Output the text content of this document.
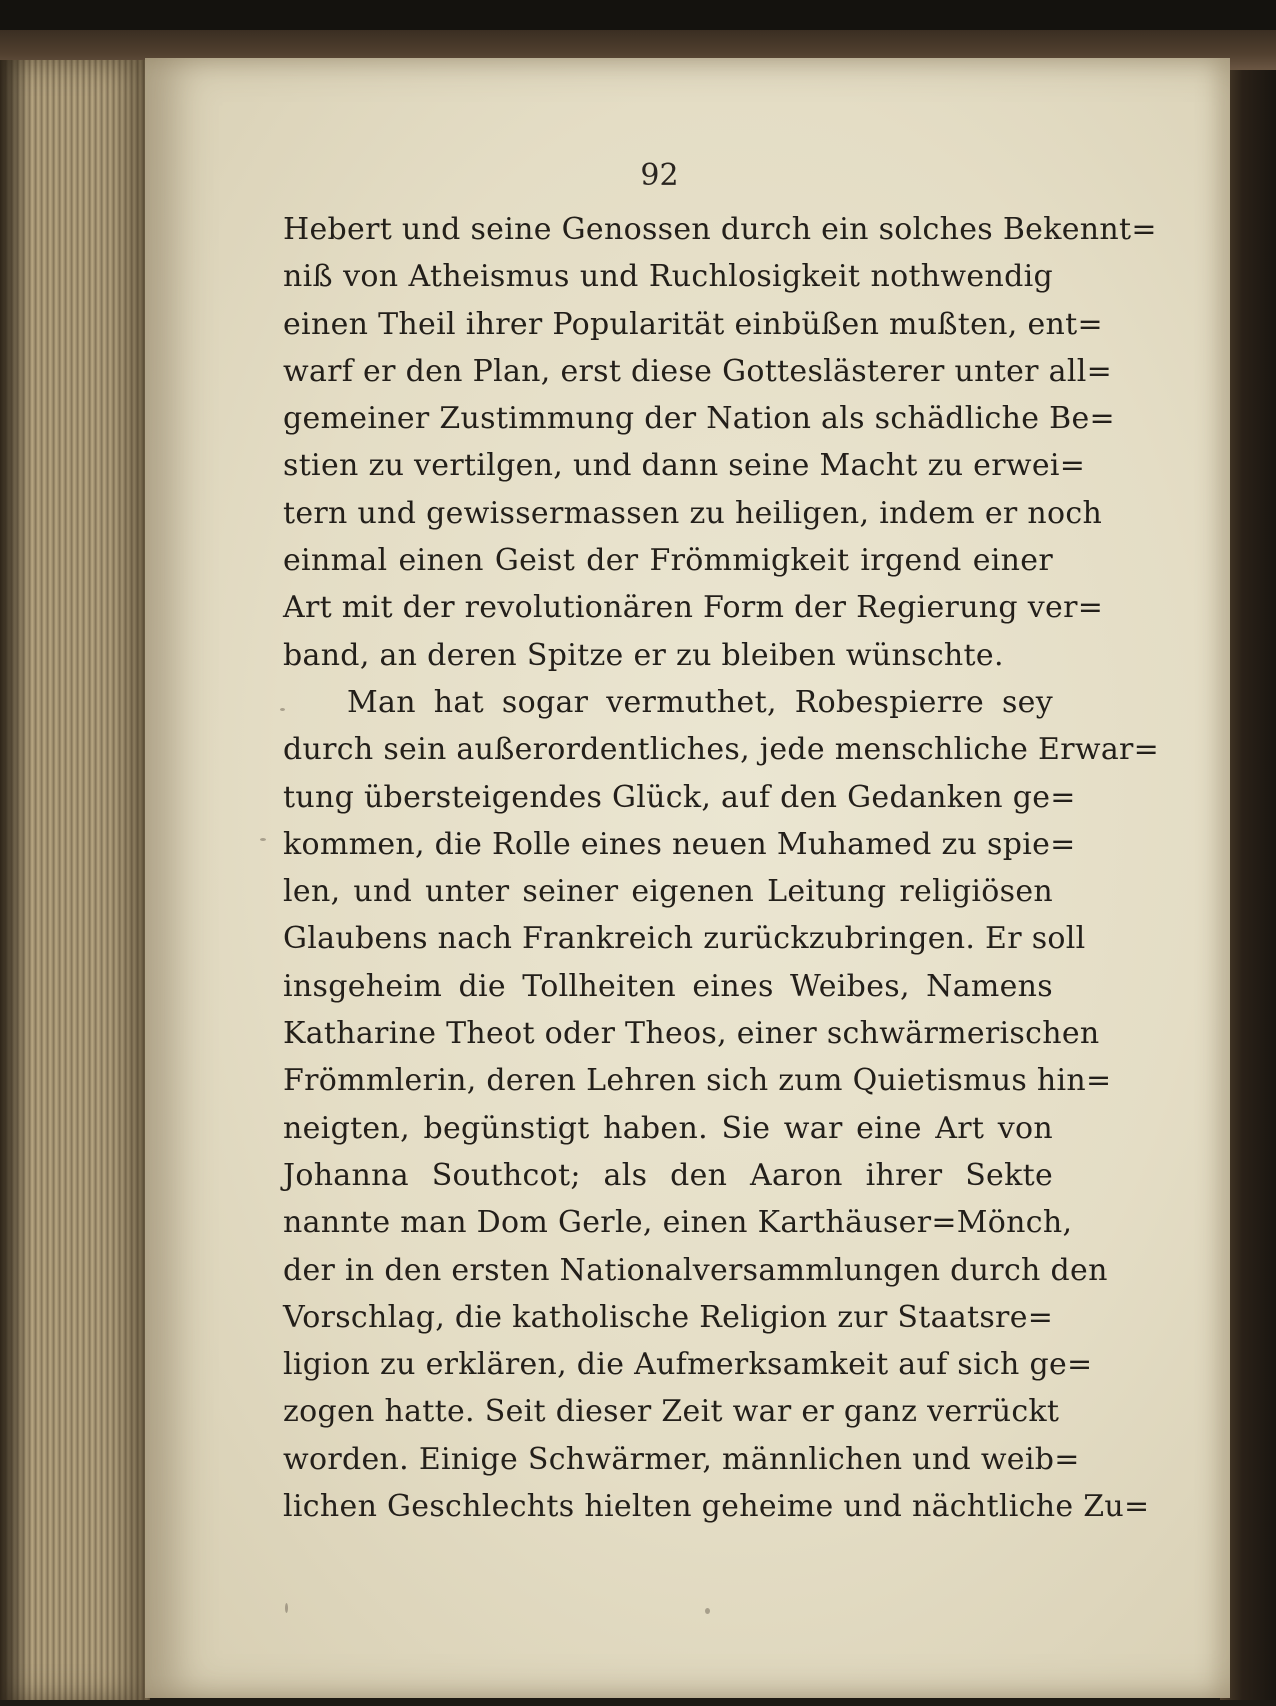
92
Hebert und seine Genossen durch ein solches Bekennt=
niß von Atheismus und Ruchlosigkeit nothwendig
einen Theil ihrer Popularität einbüßen mußten, ent=
warf er den Plan, erst diese Gotteslästerer unter all=
gemeiner Zustimmung der Nation als schädliche Be=
stien zu vertilgen, und dann seine Macht zu erwei=
tern und gewissermassen zu heiligen, indem er noch
einmal einen Geist der Frömmigkeit irgend einer
Art mit der revolutionären Form der Regierung ver=
band, an deren Spitze er zu bleiben wünschte.
Man hat sogar vermuthet, Robespierre sey
durch sein außerordentliches, jede menschliche Erwar=
tung übersteigendes Glück, auf den Gedanken ge=
kommen, die Rolle eines neuen Muhamed zu spie=
len, und unter seiner eigenen Leitung religiösen
Glaubens nach Frankreich zurückzubringen. Er soll
insgeheim die Tollheiten eines Weibes, Namens
Katharine Theot oder Theos, einer schwärmerischen
Frömmlerin, deren Lehren sich zum Quietismus hin=
neigten, begünstigt haben. Sie war eine Art von
Johanna Southcot; als den Aaron ihrer Sekte
nannte man Dom Gerle, einen Karthäuser=Mönch,
der in den ersten Nationalversammlungen durch den
Vorschlag, die katholische Religion zur Staatsre=
ligion zu erklären, die Aufmerksamkeit auf sich ge=
zogen hatte. Seit dieser Zeit war er ganz verrückt
worden. Einige Schwärmer, männlichen und weib=
lichen Geschlechts hielten geheime und nächtliche Zu=
